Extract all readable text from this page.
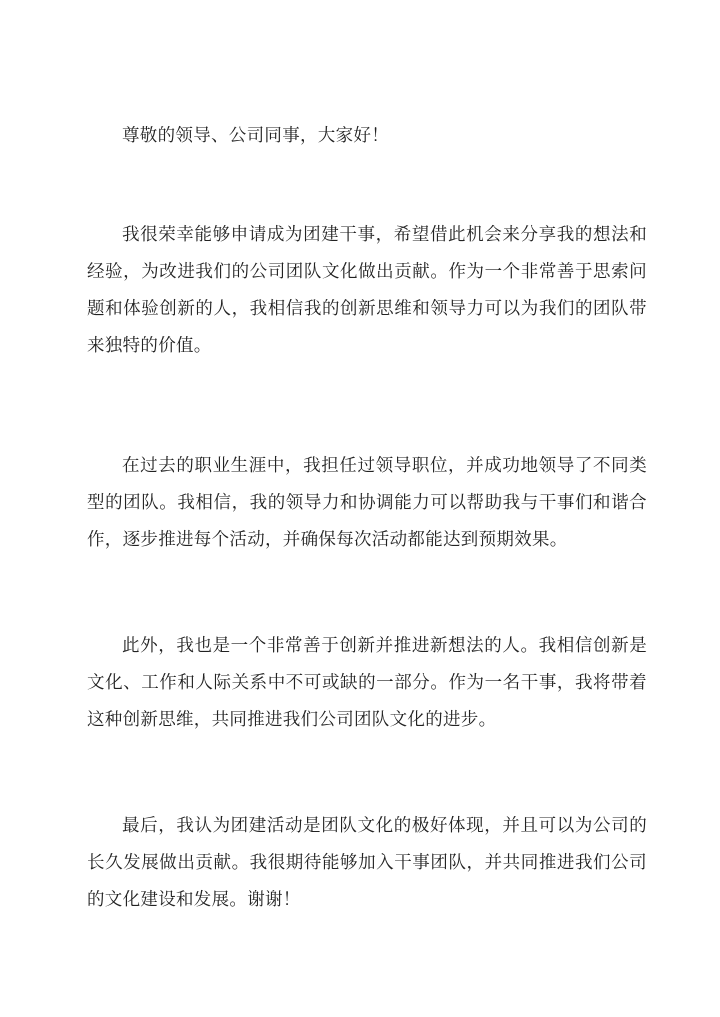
尊敬的领导、公司同事，大家好！

我很荣幸能够申请成为团建干事，希望借此机会来分享我的想法和经验，为改进我们的公司团队文化做出贡献。作为一个非常善于思索问题和体验创新的人，我相信我的创新思维和领导力可以为我们的团队带来独特的价值。

在过去的职业生涯中，我担任过领导职位，并成功地领导了不同类型的团队。我相信，我的领导力和协调能力可以帮助我与干事们和谐合作，逐步推进每个活动，并确保每次活动都能达到预期效果。

此外，我也是一个非常善于创新并推进新想法的人。我相信创新是文化、工作和人际关系中不可或缺的一部分。作为一名干事，我将带着这种创新思维，共同推进我们公司团队文化的进步。

最后，我认为团建活动是团队文化的极好体现，并且可以为公司的长久发展做出贡献。我很期待能够加入干事团队，并共同推进我们公司的文化建设和发展。谢谢！
